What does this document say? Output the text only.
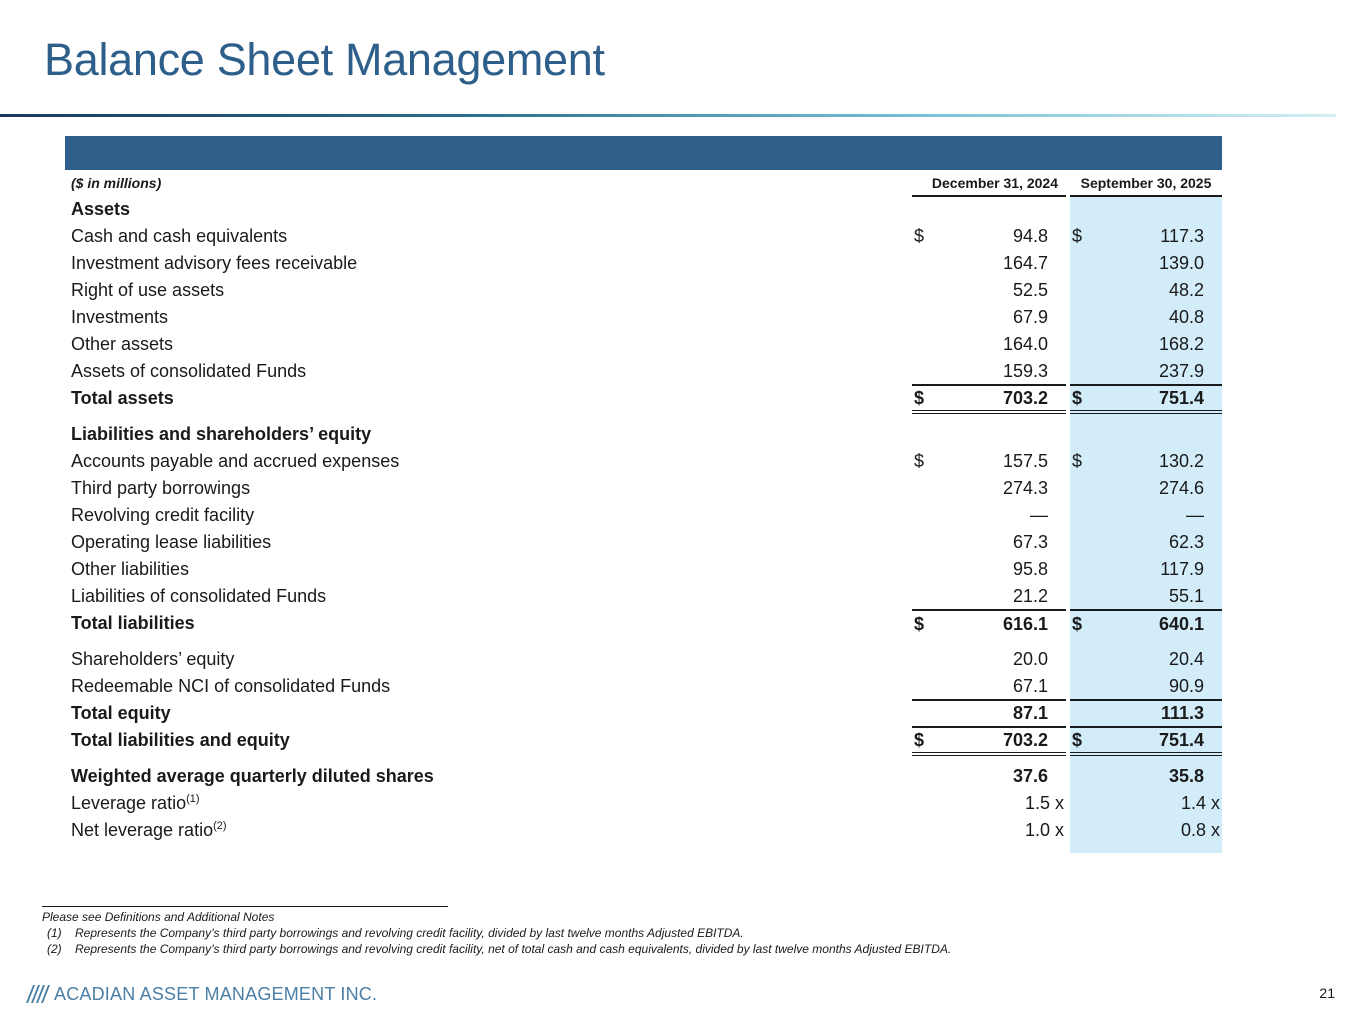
Balance Sheet Management
($ in millions)	December 31, 2024			September 30, 2025	
Assets					
Cash and cash equivalents	$	94.8		$	117.3
Investment advisory fees receivable		164.7			139.0
Right of use assets		52.5			48.2
Investments		67.9			40.8
Other assets		164.0			168.2
Assets of consolidated Funds		159.3			237.9
Total assets	$	703.2		$	751.4

Liabilities and shareholders’ equity					
Accounts payable and accrued expenses	$	157.5		$	130.2
Third party borrowings		274.3			274.6
Revolving credit facility		—			—
Operating lease liabilities		67.3			62.3
Other liabilities		95.8			117.9
Liabilities of consolidated Funds		21.2			55.1
Total liabilities	$	616.1		$	640.1

Shareholders’ equity		20.0			20.4
Redeemable NCI of consolidated Funds		67.1			90.9
Total equity		87.1			111.3
Total liabilities and equity	$	703.2		$	751.4

Weighted average quarterly diluted shares		37.6			35.8
Leverage ratio$^{(1)}$		1.5 x			1.4 x
Net leverage ratio$^{(2)}$		1.0 x			0.8 x

Please see Definitions and Additional Notes
(1) Represents the Company’s third party borrowings and revolving credit facility, divided by last twelve months Adjusted EBITDA.
(2) Represents the Company’s third party borrowings and revolving credit facility, net of total cash and cash equivalents, divided by last twelve months Adjusted EBITDA.
ACADIAN ASSET MANAGEMENT INC.	21
